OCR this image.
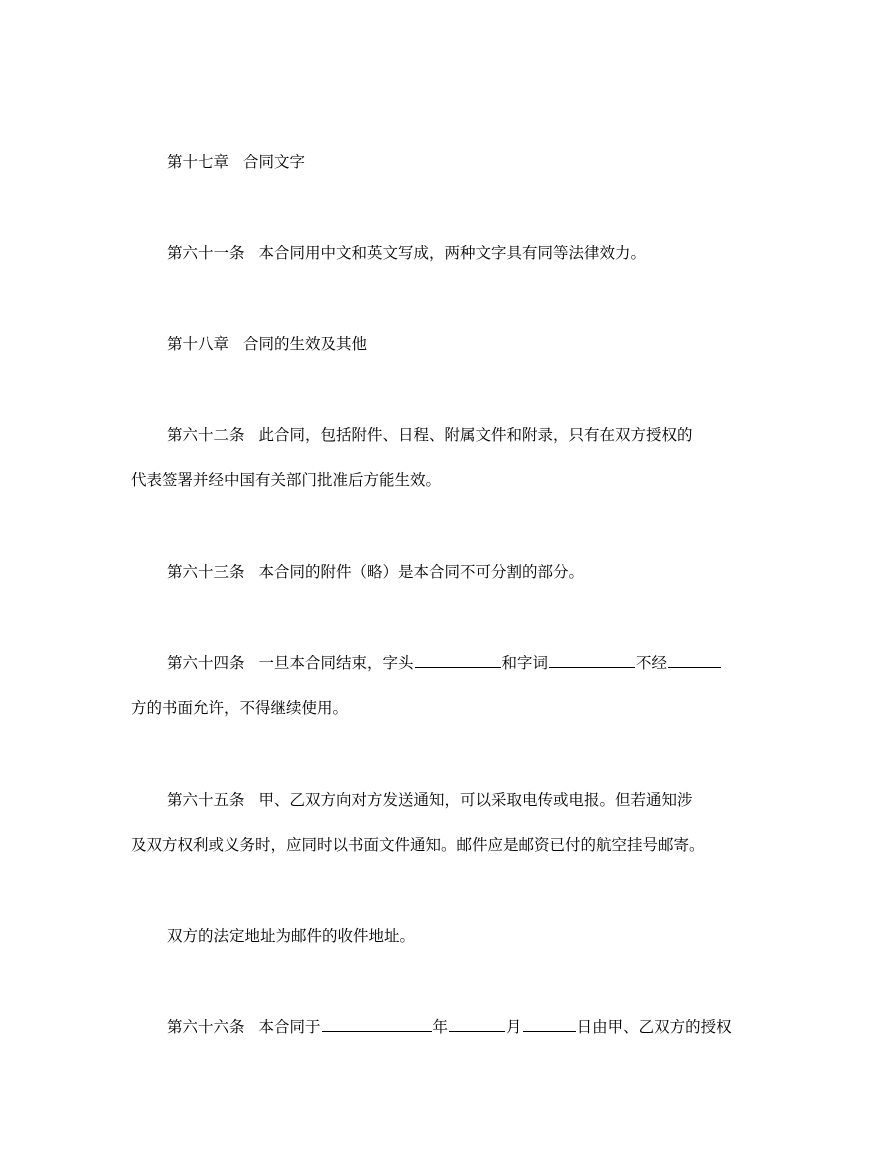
第十七章 合同文字
第六十一条 本合同用中文和英文写成，两种文字具有同等法律效力。
第十八章 合同的生效及其他
第六十二条 此合同，包括附件、日程、附属文件和附录，只有在双方授权的
代表签署并经中国有关部门批准后方能生效。
第六十三条 本合同的附件（略）是本合同不可分割的部分。
第六十四条 一旦本合同结束，字头	和字词	不经
方的书面允许，不得继续使用。
第六十五条 甲、乙双方向对方发送通知，可以采取电传或电报。但若通知涉
及双方权利或义务时，应同时以书面文件通知。邮件应是邮资已付的航空挂号邮寄。
双方的法定地址为邮件的收件地址。
第六十六条 本合同于	年	月	日由甲、乙双方的授权
